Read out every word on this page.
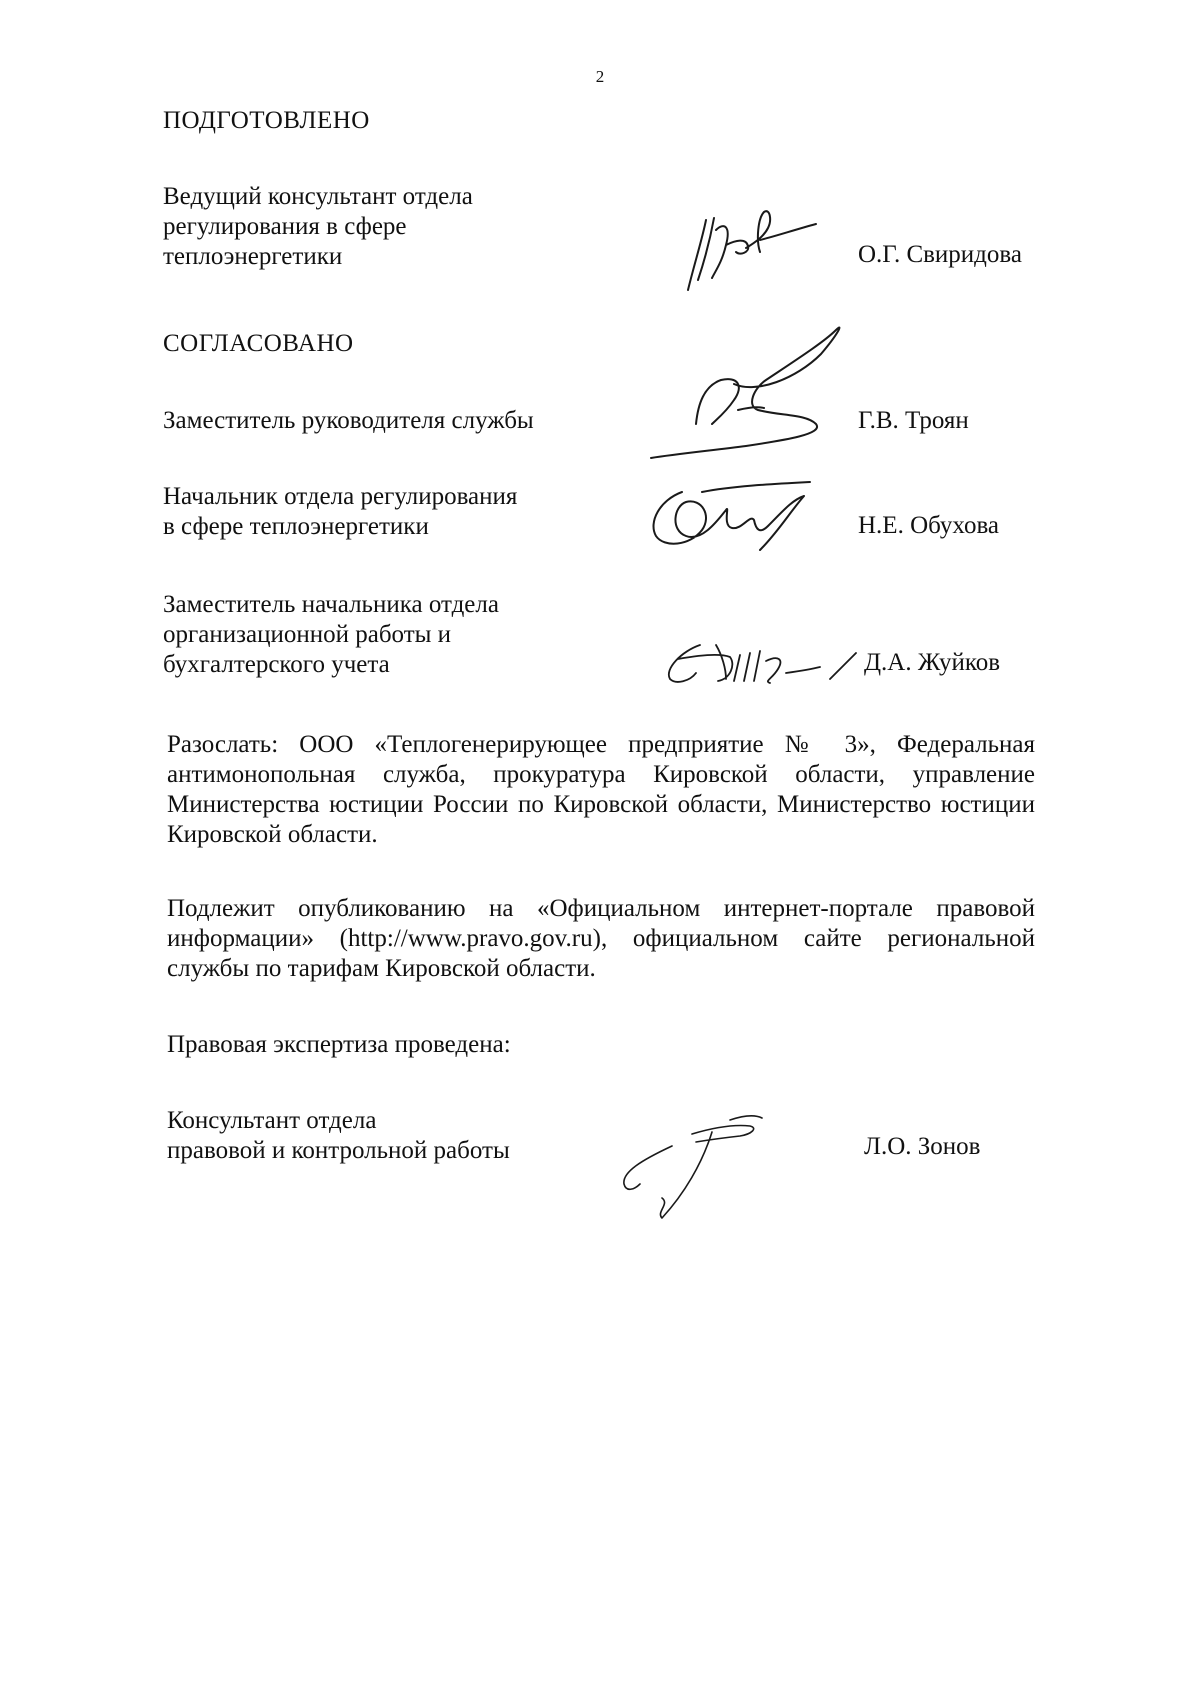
2
ПОДГОТОВЛЕНО
Ведущий консультант отдела
регулирования в сфере
теплоэнергетики	О.Г. Свиридова
СОГЛАСОВАНО
Заместитель руководителя службы	Г.В. Троян
Начальник отдела регулирования
в сфере теплоэнергетики	Н.Е. Обухова
Заместитель начальника отдела
организационной работы и
бухгалтерского учета	Д.А. Жуйков
Разослать: ООО «Теплогенерирующее предприятие № 3», Федеральная антимонопольная служба, прокуратура Кировской области, управление Министерства юстиции России по Кировской области, Министерство юстиции Кировской области.
Подлежит опубликованию на «Официальном интернет-портале правовой информации» (http://www.pravo.gov.ru), официальном сайте региональной службы по тарифам Кировской области.
Правовая экспертиза проведена:
Консультант отдела
правовой и контрольной работы	Л.О. Зонов
